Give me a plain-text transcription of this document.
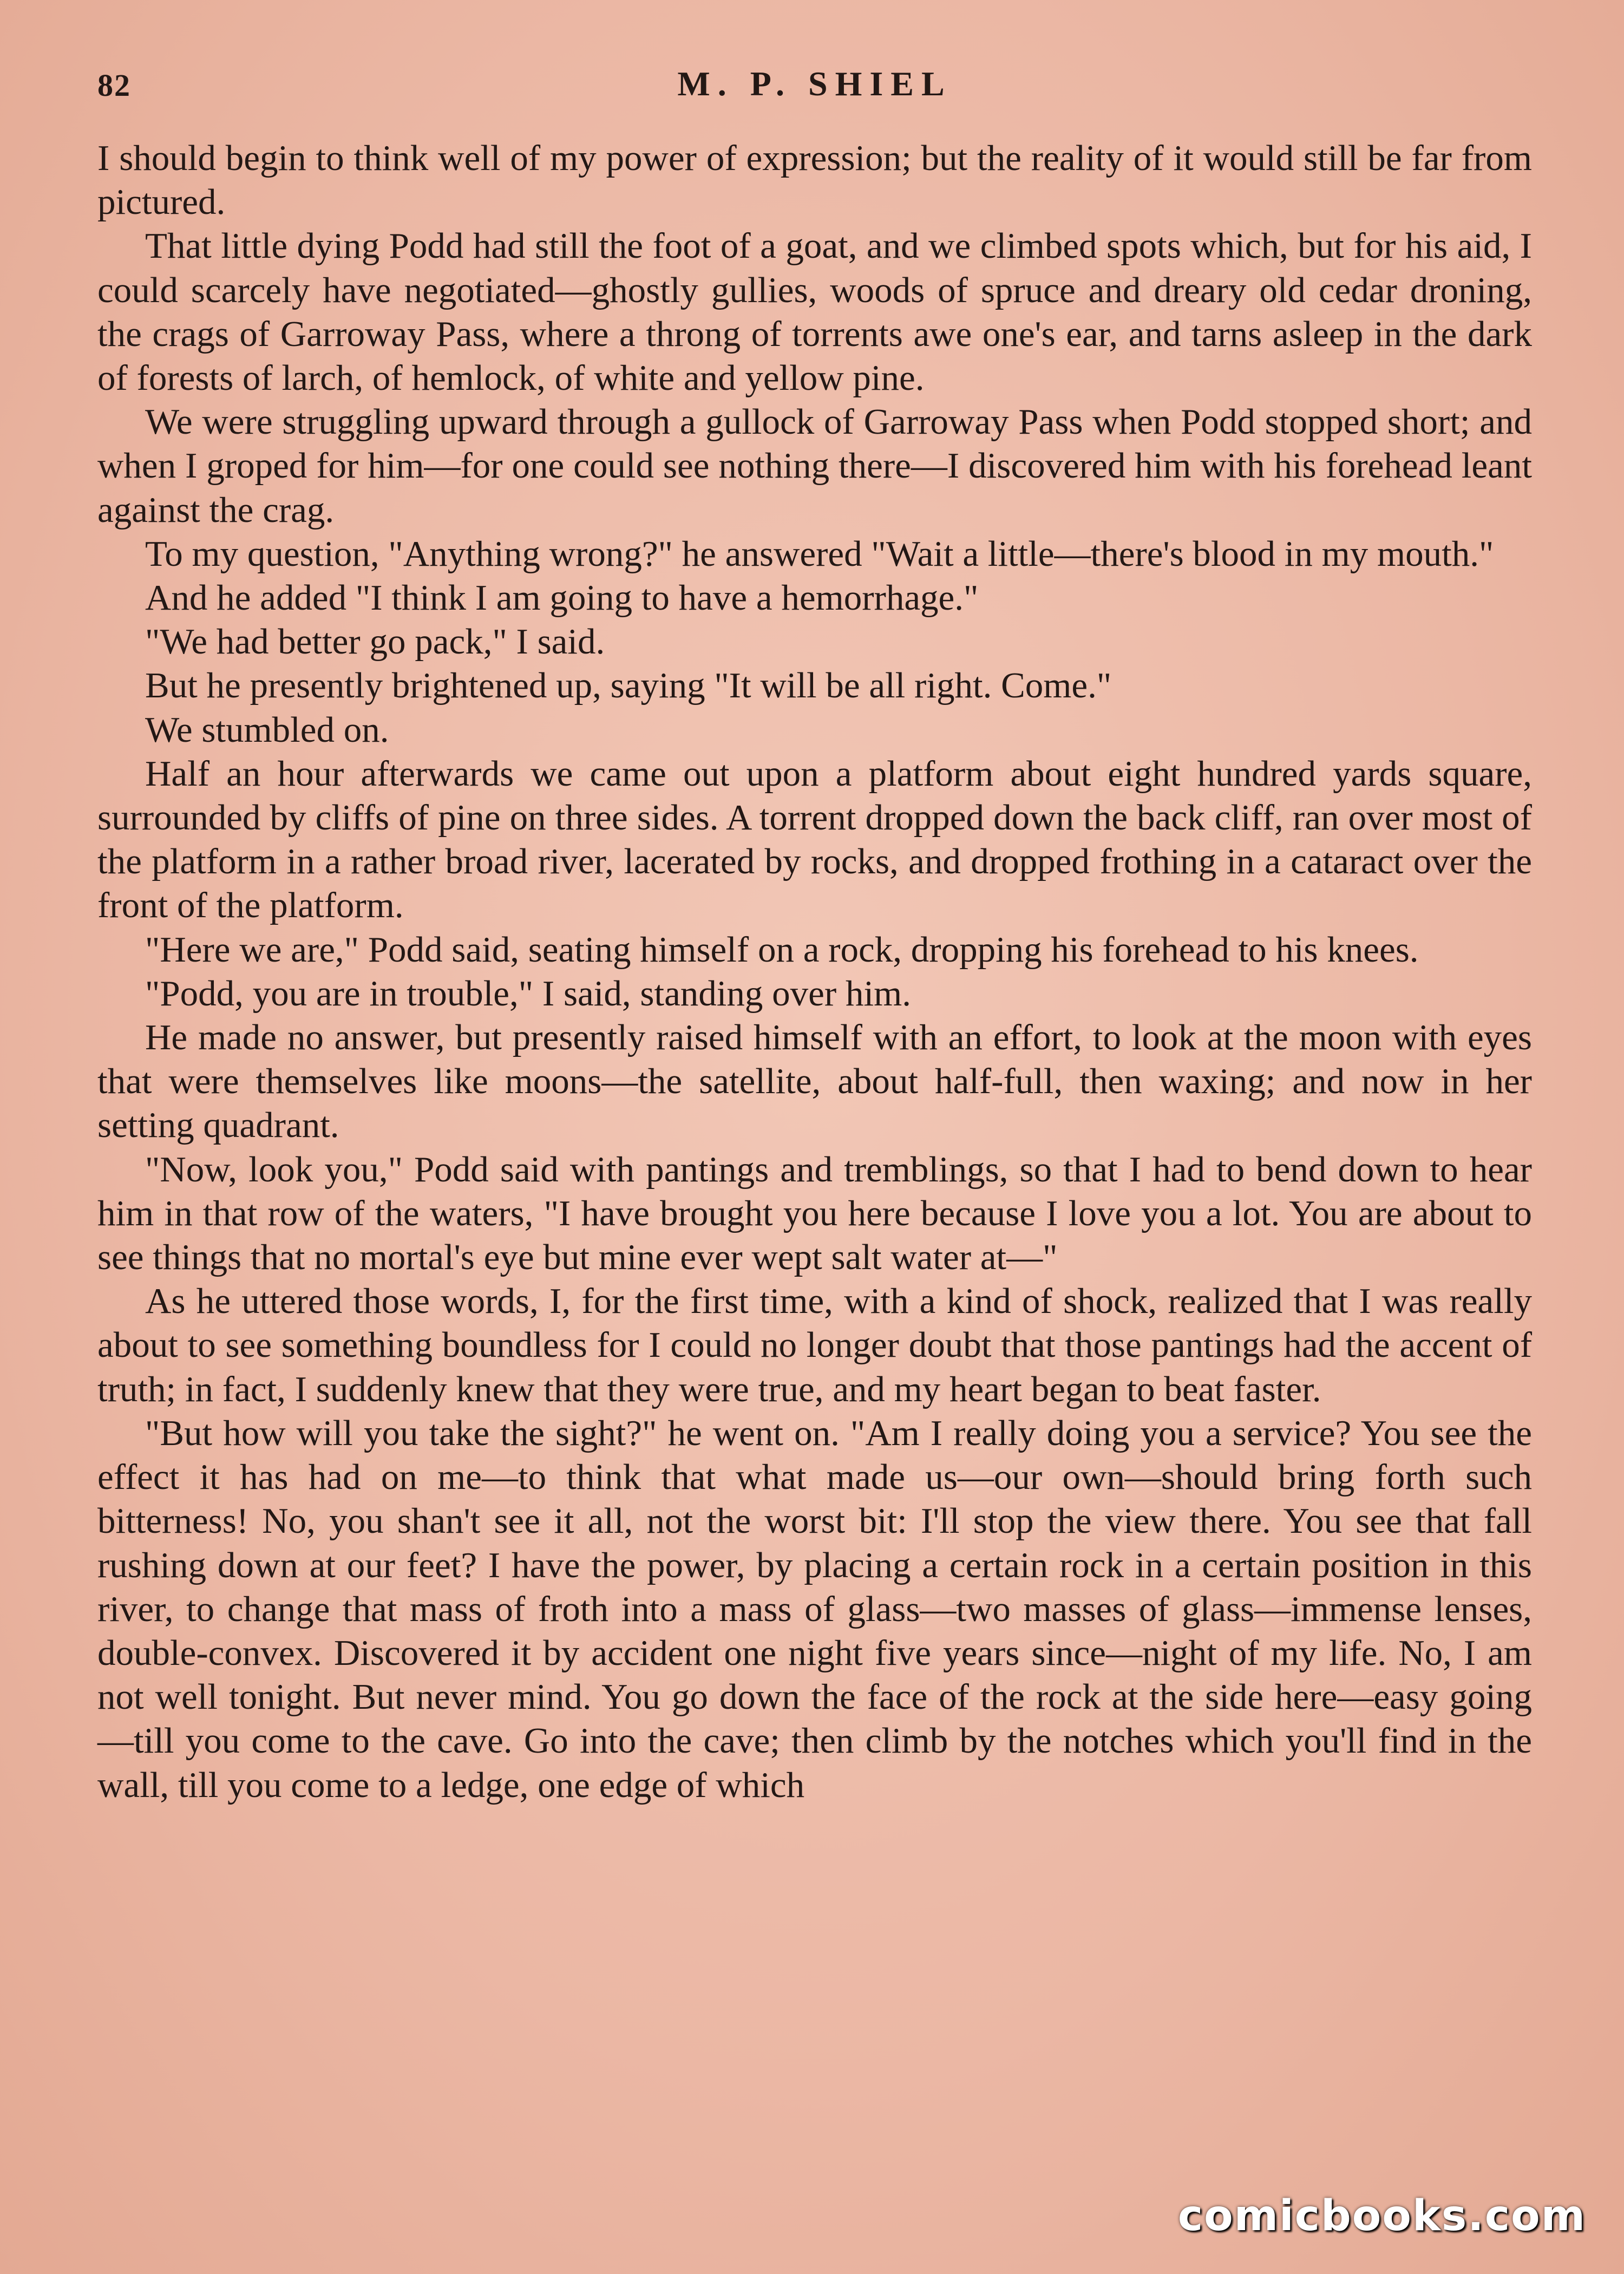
82	M. P. SHIEL

I should begin to think well of my power of expression; but the reality of it would still be far from pictured.

That little dying Podd had still the foot of a goat, and we climbed spots which, but for his aid, I could scarcely have negotiated—ghostly gullies, woods of spruce and dreary old cedar droning, the crags of Garroway Pass, where a throng of torrents awe one's ear, and tarns asleep in the dark of forests of larch, of hemlock, of white and yellow pine.

We were struggling upward through a gullock of Garroway Pass when Podd stopped short; and when I groped for him—for one could see nothing there—I discovered him with his forehead leant against the crag.

To my question, "Anything wrong?" he answered "Wait a little—there's blood in my mouth."

And he added "I think I am going to have a hemorrhage."

"We had better go pack," I said.

But he presently brightened up, saying "It will be all right. Come."

We stumbled on.

Half an hour afterwards we came out upon a platform about eight hundred yards square, surrounded by cliffs of pine on three sides. A torrent dropped down the back cliff, ran over most of the platform in a rather broad river, lacerated by rocks, and dropped frothing in a cataract over the front of the platform.

"Here we are," Podd said, seating himself on a rock, dropping his forehead to his knees.

"Podd, you are in trouble," I said, standing over him.

He made no answer, but presently raised himself with an effort, to look at the moon with eyes that were themselves like moons—the satellite, about half-full, then waxing; and now in her setting quadrant.

"Now, look you," Podd said with pantings and tremblings, so that I had to bend down to hear him in that row of the waters, "I have brought you here because I love you a lot. You are about to see things that no mortal's eye but mine ever wept salt water at—"

As he uttered those words, I, for the first time, with a kind of shock, realized that I was really about to see something boundless for I could no longer doubt that those pantings had the accent of truth; in fact, I suddenly knew that they were true, and my heart began to beat faster.

"But how will you take the sight?" he went on. "Am I really doing you a service? You see the effect it has had on me—to think that what made us—our own—should bring forth such bitterness! No, you shan't see it all, not the worst bit: I'll stop the view there. You see that fall rushing down at our feet? I have the power, by placing a certain rock in a certain position in this river, to change that mass of froth into a mass of glass—two masses of glass—immense lenses, double-convex. Discovered it by accident one night five years since—night of my life. No, I am not well tonight. But never mind. You go down the face of the rock at the side here—easy going —till you come to the cave. Go into the cave; then climb by the notches which you'll find in the wall, till you come to a ledge, one edge of which

comicbooks.com
